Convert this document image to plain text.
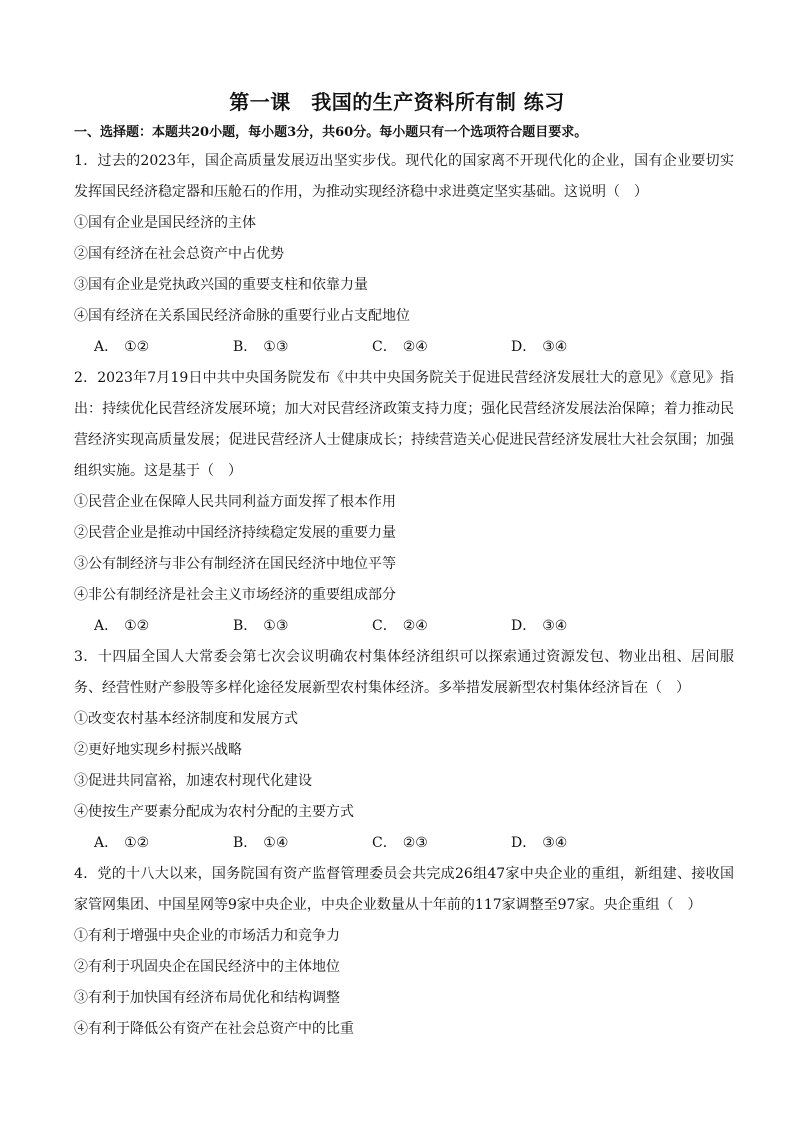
第一课　我国的生产资料所有制 练习
一、选择题：本题共20小题，每小题3分，共60分。每小题只有一个选项符合题目要求。
1．过去的2023年，国企高质量发展迈出坚实步伐。现代化的国家离不开现代化的企业，国有企业要切实发挥国民经济稳定器和压舱石的作用，为推动实现经济稳中求进奠定坚实基础。这说明（　）
①国有企业是国民经济的主体
②国有经济在社会总资产中占优势
③国有企业是党执政兴国的重要支柱和依靠力量
④国有经济在关系国民经济命脉的重要行业占支配地位
A． ①②	B． ①③	C． ②④	D． ③④
2．2023年7月19日中共中央国务院发布《中共中央国务院关于促进民营经济发展壮大的意见》《意见》指出：持续优化民营经济发展环境；加大对民营经济政策支持力度；强化民营经济发展法治保障；着力推动民营经济实现高质量发展；促进民营经济人士健康成长；持续营造关心促进民营经济发展壮大社会氛围；加强组织实施。这是基于（　）
①民营企业在保障人民共同利益方面发挥了根本作用
②民营企业是推动中国经济持续稳定发展的重要力量
③公有制经济与非公有制经济在国民经济中地位平等
④非公有制经济是社会主义市场经济的重要组成部分
A． ①②	B． ①③	C． ②④	D． ③④
3．十四届全国人大常委会第七次会议明确农村集体经济组织可以探索通过资源发包、物业出租、居间服务、经营性财产参股等多样化途径发展新型农村集体经济。多举措发展新型农村集体经济旨在（　）
①改变农村基本经济制度和发展方式
②更好地实现乡村振兴战略
③促进共同富裕，加速农村现代化建设
④使按生产要素分配成为农村分配的主要方式
A． ①②	B． ①④	C． ②③	D． ③④
4．党的十八大以来，国务院国有资产监督管理委员会共完成26组47家中央企业的重组，新组建、接收国家管网集团、中国星网等9家中央企业，中央企业数量从十年前的117家调整至97家。央企重组（　）
①有利于增强中央企业的市场活力和竞争力
②有利于巩固央企在国民经济中的主体地位
③有利于加快国有经济布局优化和结构调整
④有利于降低公有资产在社会总资产中的比重
